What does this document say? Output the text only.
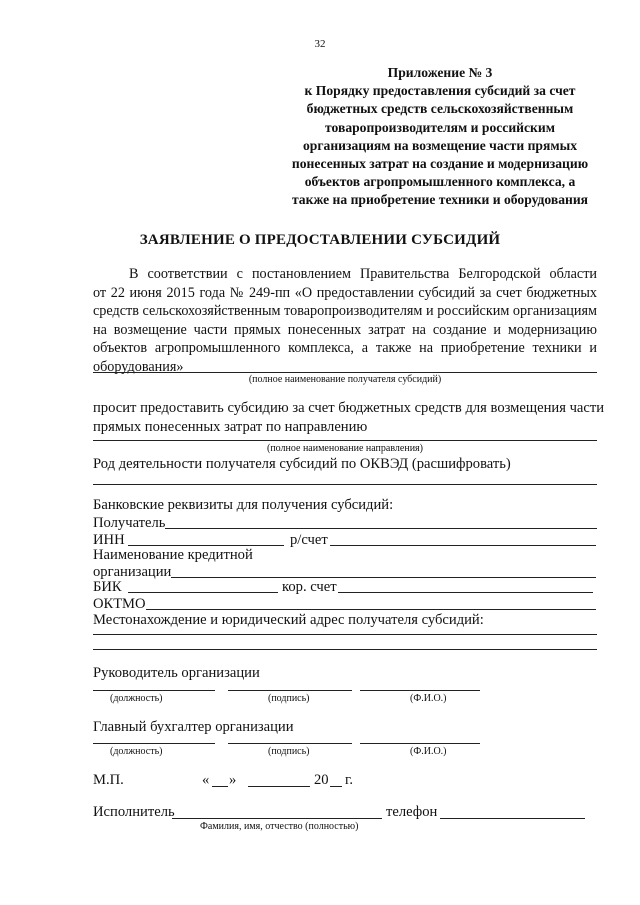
32
Приложение № 3
к Порядку предоставления субсидий за счет
бюджетных средств сельскохозяйственным
товаропроизводителям и российским
организациям на возмещение части прямых
понесенных затрат на создание и модернизацию
объектов агропромышленного комплекса, а
также на приобретение техники и оборудования
ЗАЯВЛЕНИЕ О ПРЕДОСТАВЛЕНИИ СУБСИДИЙ
В соответствии с постановлением Правительства Белгородской области
от 22 июня 2015 года № 249-пп «О предоставлении субсидий за счет бюджетных
средств сельскохозяйственным товаропроизводителям и российским организациям
на возмещение части прямых понесенных затрат на создание и модернизацию
объектов агропромышленного комплекса, а также на приобретение техники и
оборудования»
(полное наименование получателя субсидий)
просит предоставить субсидию за счет бюджетных средств для возмещения части
прямых понесенных затрат по направлению
(полное наименование направления)
Род деятельности получателя субсидий по ОКВЭД (расшифровать)
Банковские реквизиты для получения субсидий:
Получатель
ИНН	р/счет
Наименование кредитной
организации
БИК	кор. счет
ОКТМО
Местонахождение и юридический адрес получателя субсидий:
Руководитель организации
(должность)	(подпись)	(Ф.И.О.)
Главный бухгалтер организации
(должность)	(подпись)	(Ф.И.О.)
М.П.	« »	20 г.
Исполнитель	телефон
Фамилия, имя, отчество (полностью)
